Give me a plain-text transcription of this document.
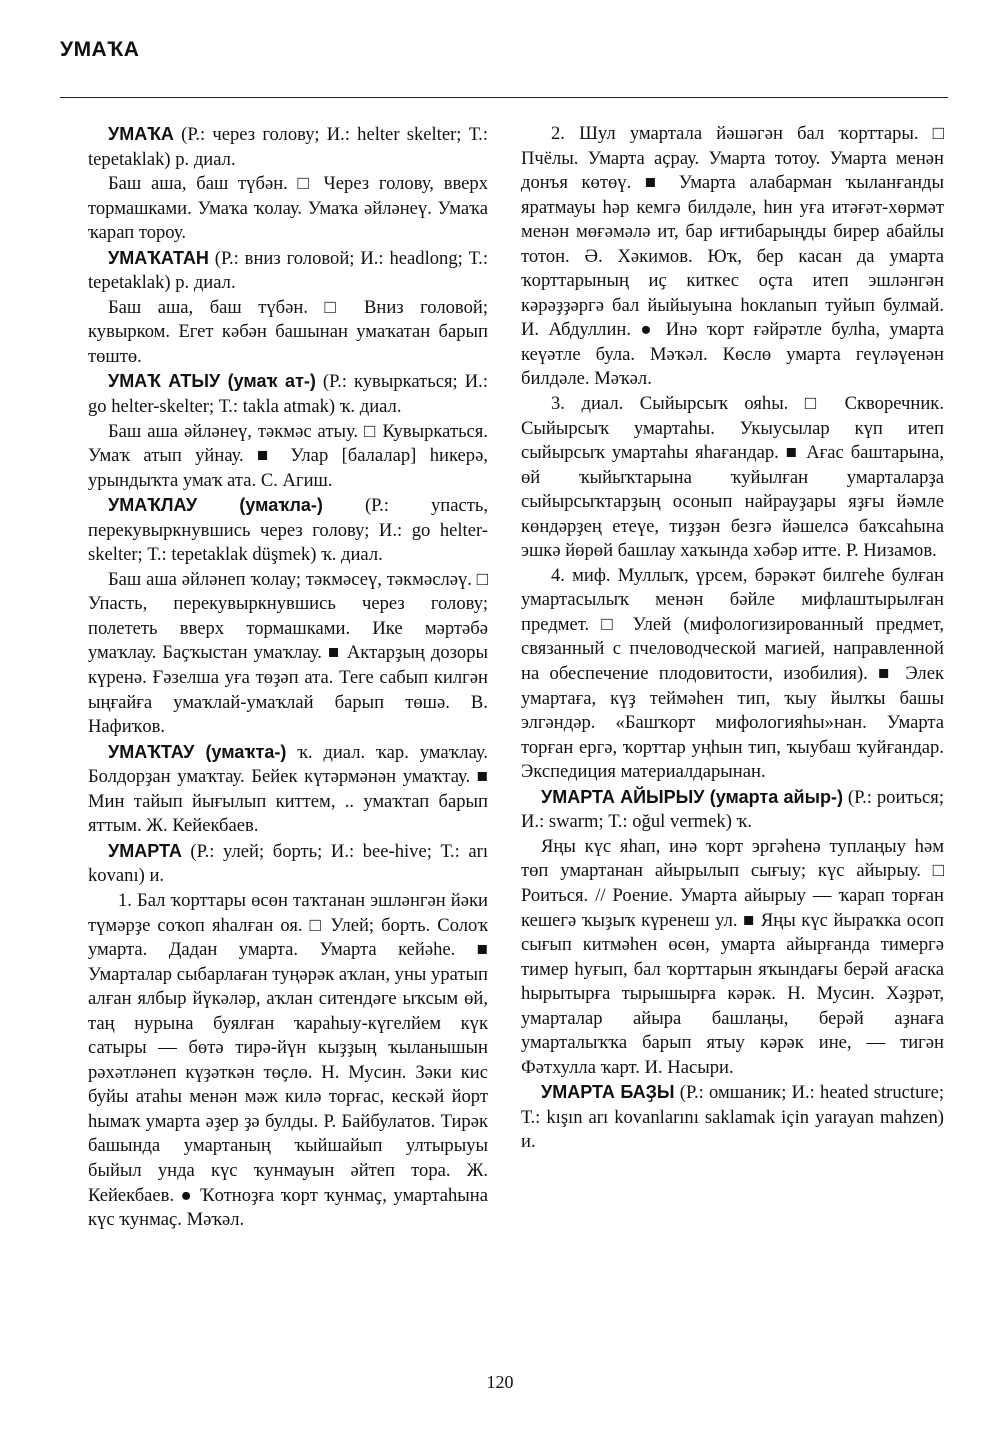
УМАҠА

УМАҠА (Р.: через голову; И.: helter skelter; Т.: tepetaklak) р. диал.

Баш аша, баш түбән. □ Через голову, вверх тормашками. Умаҡа ҡолау. Умаҡа әйләнеү. Умаҡа ҡарап тороу.

УМАҠАТАН (Р.: вниз головой; И.: headlong; Т.: tepetaklak) р. диал.

Баш аша, баш түбән. □ Вниз головой; кувырком. Егет кәбән башынан умаҡатан барып төштө.

УМАҠ АТЫУ (умаҡ ат-) (Р.: кувыркаться; И.: go helter-skelter; Т.: takla atmak) ҡ. диал.

Баш аша әйләнеү, тәкмәс атыу. □ Кувыркаться. Умаҡ атып уйнау. ■ Улар [балалар] һикерә, урындыҡта умаҡ ата. С. Агиш.

УМАҠЛАУ (умаҡла-) (Р.: упасть, перекувыркнувшись через голову; И.: go helter-skelter; Т.: tepetaklak düşmek) ҡ. диал.

Баш аша әйләнеп ҡолау; тәкмәсеү, тәкмәсләү. □ Упасть, перекувыркнувшись через голову; полететь вверх тормашками. Ике мәртәбә умаҡлау. Баҫҡыстан умаҡлау. ■ Актарҙың дозоры күренә. Ғәзелша уға төҙәп ата. Теге сабып килгән ыңғайға умаҡлай-умаҡлай барып төшә. В. Нафиҡов.

УМАҠТАУ (умаҡта-) ҡ. диал. ҡар. умаҡлау. Болдорҙан умаҡтау. Бейек күтәрмәнән умаҡтау. ■ Мин тайып йығылып киттем, .. умаҡтап барып яттым. Ж. Кейекбаев.

УМАРТА (Р.: улей; борть; И.: bee-hive; Т.: arı kovanı) и.

1. Бал ҡорттары өсөн таҡтанан эшләнгән йәки түмәрҙе соҡоп яһалған оя. □ Улей; борть. Солоҡ умарта. Дадан умарта. Умарта кейәһе. ■ Умарталар сыбарлаған туңәрәк аҡлан, уны уратып алған ялбыр йүкәләр, аҡлан ситендәге ыҡсым өй, таң нурына буялған ҡараһыу-күгелйем күк сатыры — бөтә тирә-йүн кыҙҙың ҡыланышын рәхәтләнеп күҙәткән төҫлө. Н. Мусин. Зәки кис буйы атаһы менән мәж килә торғас, кескәй йорт һымаҡ умарта әҙер ҙә булды. Р. Байбулатов. Тирәк башында умартаның ҡыйшайып ултырыуы быйыл унда күс ҡунмауын әйтеп тора. Ж. Кейекбаев. ● Ҡотноҙға ҡорт ҡунмаҫ, умартаһына күс ҡунмаҫ. Мәҡәл.

2. Шул умартала йәшәгән бал ҡорттары. □ Пчёлы. Умарта аҫрау. Умарта тотоу. Умарта менән донъя көтөү. ■ Умарта алабарман ҡыланғанды яратмауы һәр кемгә билдәле, һин уға итәғәт-хөрмәт менән мөғәмәлә ит, бар иғтибарыңды бирер абайлы тотон. Ә. Хәкимов. Юҡ, бер касан да умарта ҡорттарының иҫ киткес оҫта итеп эшләнгән кәрәҙҙәргә бал йыйыуына һоклanып туйып булмай. И. Абдуллин. ● Инә ҡорт ғәйрәтле булһа, умарта кеүәтле була. Мәҡәл. Көслө умарта геүләүенән билдәле. Мәҡәл.

3. диал. Сыйырсыҡ ояһы. □ Скворечник. Сыйырсыҡ умартаһы. Укыусылар күп итеп сыйырсыҡ умартаһы яһағандар. ■ Ағас баштарына, өй ҡыйыҡтарына ҡуйылған умарталарҙа сыйырсыҡтарҙың осонып найрауҙары яҙғы йәмле көндәрҙең етеүе, тиҙҙән безгә йәшелсә баҡсаһына эшкә йөрөй башлау хаҡында хәбәр итте. Р. Низамов.

4. миф. Муллыҡ, үрсем, бәрәкәт билгеһе булған умартасылыҡ менән бәйле мифлаштырылған предмет. □ Улей (мифологизированный предмет, связанный с пчеловодческой магией, направленной на обеспечение плодовитости, изобилия). ■ Элек умартаға, күҙ теймәһен тип, ҡыу йылҡы башы элгәндәр. «Башҡорт мифологияһы»нан. Умарта торған ергә, ҡорттар уңһын тип, ҡыубаш ҡуйғандар. Экспедиция материалдарынан.

УМАРТА АЙЫРЫУ (умарта айыр-) (Р.: роиться; И.: swarm; Т.: oğul vermek) ҡ.

Яңы күс яһап, инә ҡорт эргәһенә туплаңыу һәм төп умартанан айырылып сығыу; күс айырыу. □ Роиться. // Роение. Умарта айырыу — ҡарап торған кешегә ҡыҙыҡ күренеш ул. ■ Яңы күс йыраҡка осоп сығып китмәһен өсөн, умарта айырғанда тимергә тимер һуғып, бал ҡорттарын яҡындағы берәй ағаска һырытырға тырышырға кәрәк. Н. Мусин. Хәҙрәт, умарталар айыра башлаңы, берәй аҙнаға умарталыҡҡа барып ятыу кәрәк ине, — тигән Фәтхулла ҡарт. И. Насыри.

УМАРТА БАҘЫ (Р.: омшаник; И.: heated structure; Т.: kışın arı kovanlarını saklamak için yarayan mahzen) и.

120
